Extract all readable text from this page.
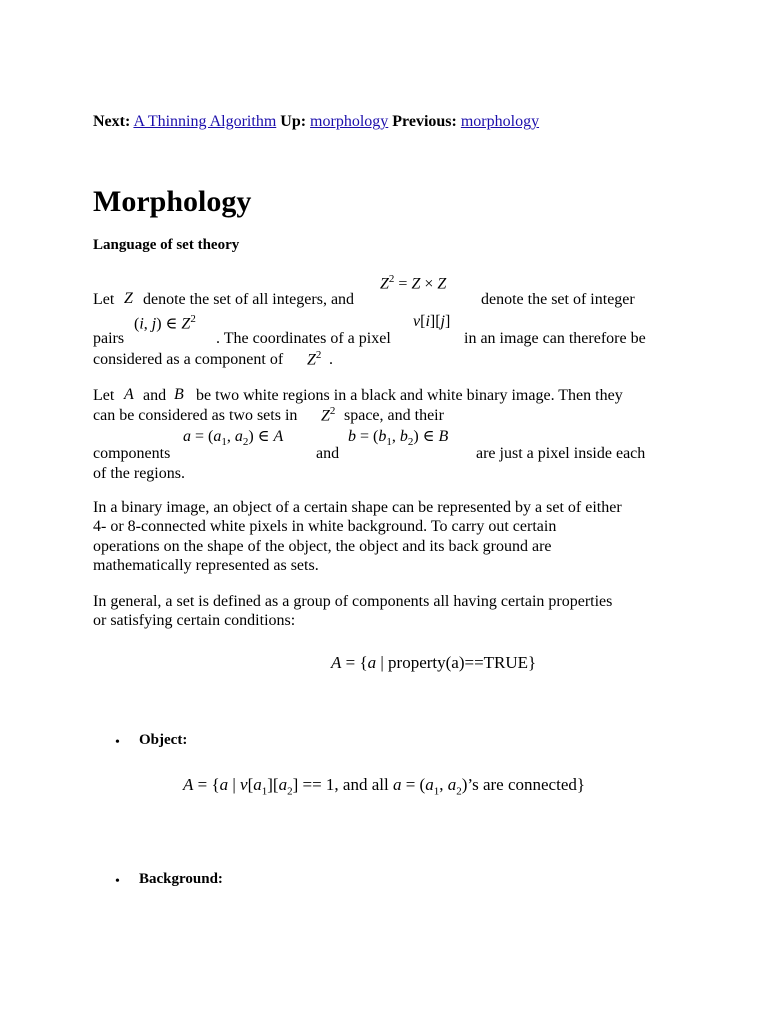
Next: A Thinning Algorithm Up: morphology Previous: morphology
Morphology
Language of set theory
$Z^2 = Z \times Z$
Let Z denote the set of all integers, and	denote the set of integer
(i, j) ∈ $Z^2$	v[i][j]
pairs	. The coordinates of a pixel	in an image can therefore be
considered as a component of $Z^2$ .
Let A and B be two white regions in a black and white binary image. Then they
can be considered as two sets in $Z^2$ space, and their
$a = (a_1$, $a_2$) ∈ A	$b = (b_1$, $b_2$) ∈ B
components	and	are just a pixel inside each
of the regions.
In a binary image, an object of a certain shape can be represented by a set of either
4- or 8-connected white pixels in white background. To carry out certain
operations on the shape of the object, the object and its back ground are
mathematically represented as sets.
In general, a set is defined as a group of components all having certain properties
or satisfying certain conditions:
A = {a | property(a)==TRUE}
• Object:
A = {a | $v[a_1][a_2] == 1$, and all $a = (a_1$, $a_2)’s$ are connected}
• Background:
